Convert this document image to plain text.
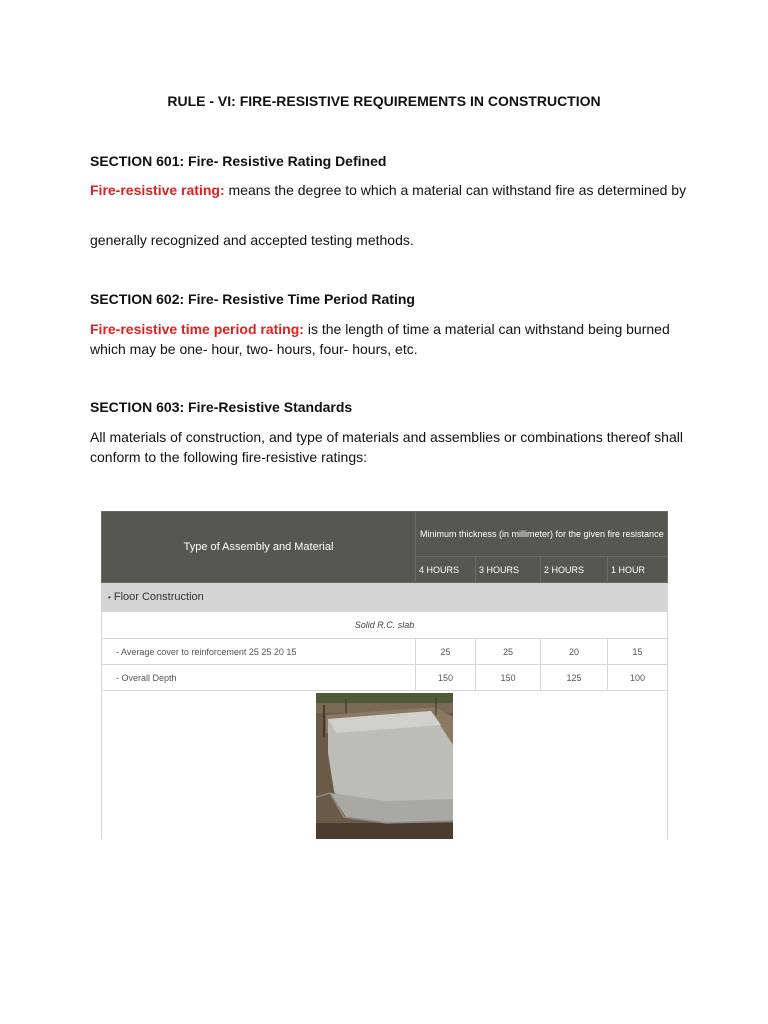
RULE - VI: FIRE-RESISTIVE REQUIREMENTS IN CONSTRUCTION
SECTION 601: Fire- Resistive Rating Defined
Fire-resistive rating: means the degree to which a material can withstand fire as determined by
generally recognized and accepted testing methods.
SECTION 602: Fire- Resistive Time Period Rating
Fire-resistive time period rating: is the length of time a material can withstand being burned which may be one- hour, two- hours, four- hours, etc.
SECTION 603: Fire-Resistive Standards
All materials of construction, and type of materials and assemblies or combinations thereof shall conform to the following fire-resistive ratings:
Type of Assembly and Material	Minimum thickness (in millimeter) for the given fire resistance			
	4 HOURS	3 HOURS	2 HOURS	1 HOUR
• Floor Construction				
Solid R.C. slab				
- Average cover to reinforcement 25 25 20 15	25	25	20	15
- Overall Depth	150	150	125	100
